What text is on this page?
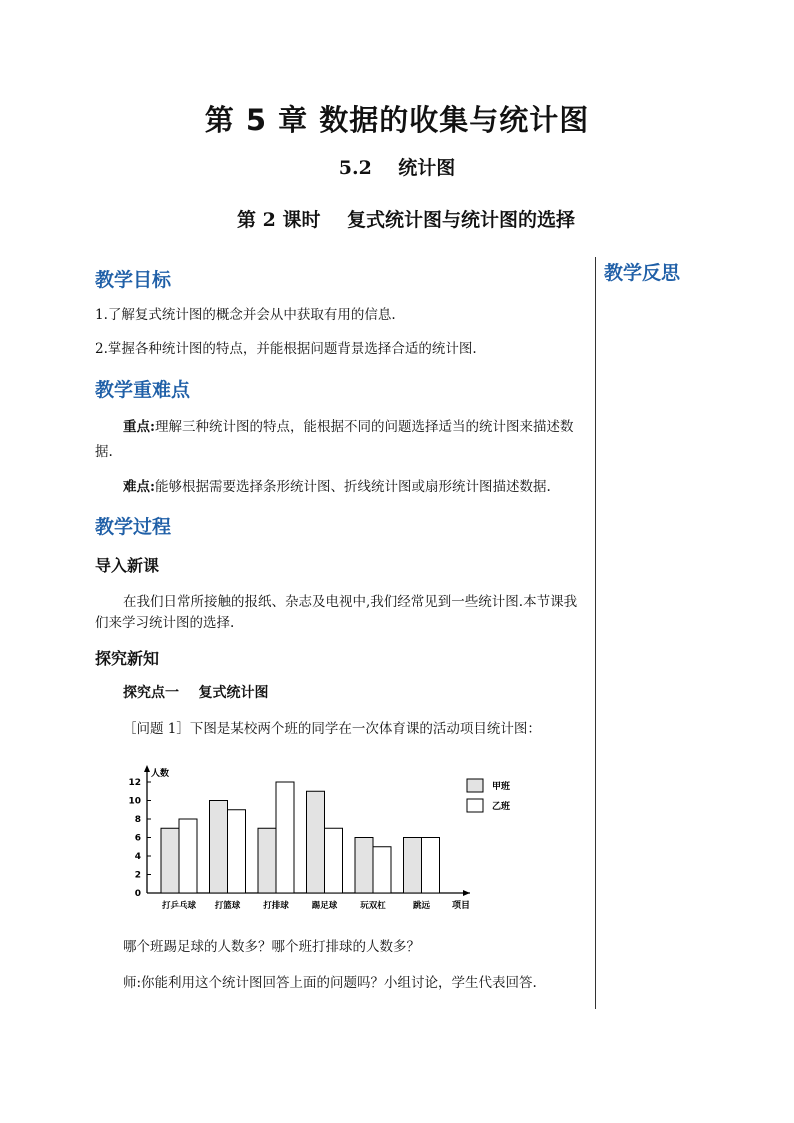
第 5 章 数据的收集与统计图
5.2    统计图
第 2 课时    复式统计图与统计图的选择
教学反思
教学目标
1.了解复式统计图的概念并会从中获取有用的信息.
2.掌握各种统计图的特点，并能根据问题背景选择合适的统计图.
教学重难点
重点:理解三种统计图的特点，能根据不同的问题选择适当的统计图来描述数
据.
难点:能够根据需要选择条形统计图、折线统计图或扇形统计图描述数据.
教学过程
导入新课
在我们日常所接触的报纸、杂志及电视中,我们经常见到一些统计图.本节课我
们来学习统计图的选择.
探究新知
探究点一    复式统计图
［问题 1］下图是某校两个班的同学在一次体育课的活动项目统计图：
0
2
4
6
8
10
12
人数
项目
打乒乓球 打篮球	打排球	踢足球	玩双杠	跳远
甲班
乙班
哪个班踢足球的人数多？哪个班打排球的人数多？
师:你能利用这个统计图回答上面的问题吗？小组讨论，学生代表回答.
